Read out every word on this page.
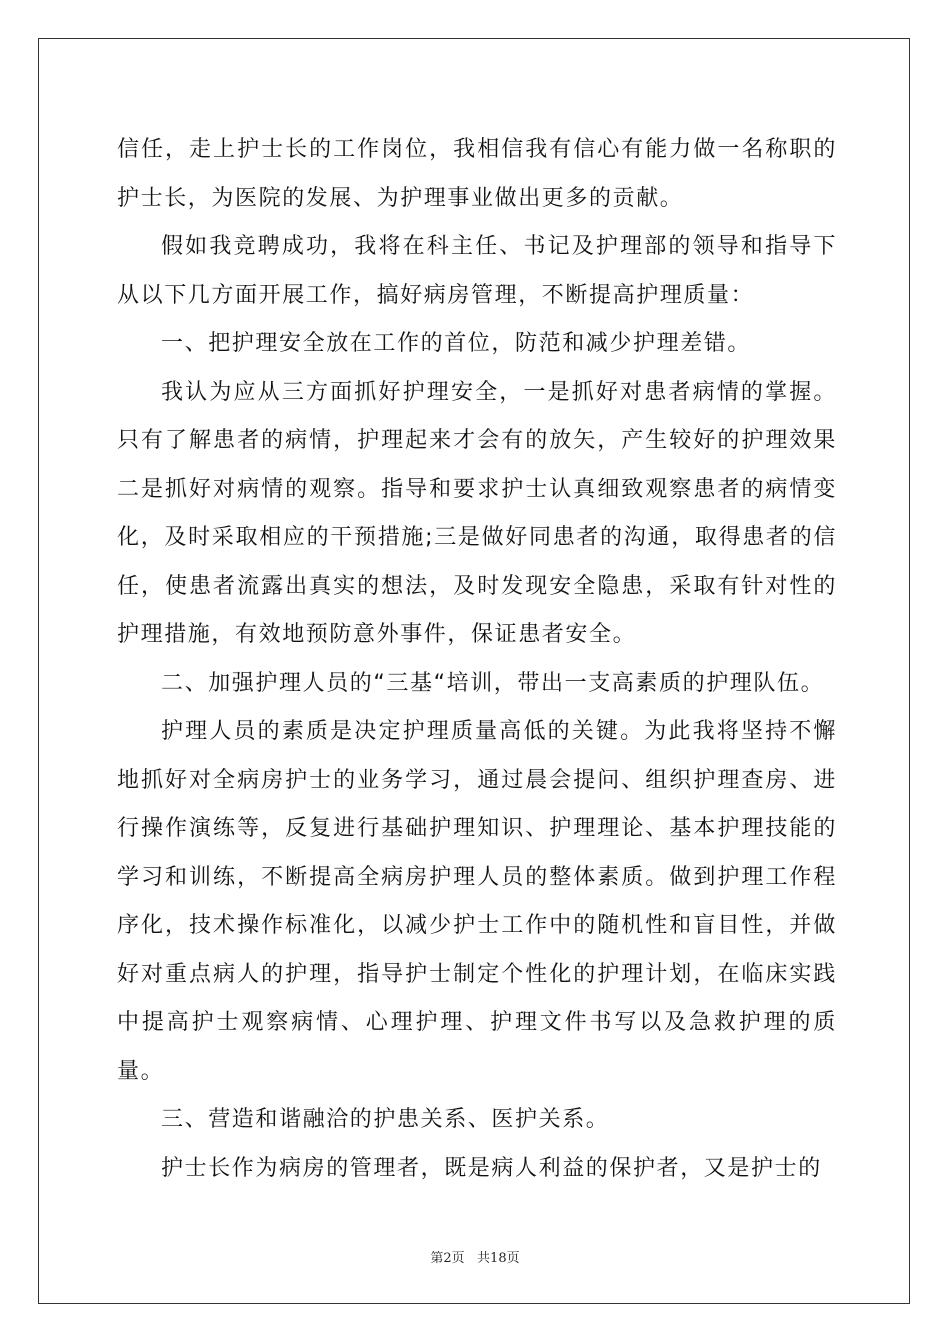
信任，走上护士长的工作岗位，我相信我有信心有能力做一名称职的护士长，为医院的发展、为护理事业做出更多的贡献。

假如我竞聘成功，我将在科主任、书记及护理部的领导和指导下从以下几方面开展工作，搞好病房管理，不断提高护理质量：

一、把护理安全放在工作的首位，防范和减少护理差错。

我认为应从三方面抓好护理安全，一是抓好对患者病情的掌握。只有了解患者的病情，护理起来才会有的放矢，产生较好的护理效果二是抓好对病情的观察。指导和要求护士认真细致观察患者的病情变化，及时采取相应的干预措施;三是做好同患者的沟通，取得患者的信任，使患者流露出真实的想法，及时发现安全隐患，采取有针对性的护理措施，有效地预防意外事件，保证患者安全。

二、加强护理人员的“三基“培训，带出一支高素质的护理队伍。

护理人员的素质是决定护理质量高低的关键。为此我将坚持不懈地抓好对全病房护士的业务学习，通过晨会提问、组织护理查房、进行操作演练等，反复进行基础护理知识、护理理论、基本护理技能的学习和训练，不断提高全病房护理人员的整体素质。做到护理工作程序化，技术操作标准化，以减少护士工作中的随机性和盲目性，并做好对重点病人的护理，指导护士制定个性化的护理计划，在临床实践中提高护士观察病情、心理护理、护理文件书写以及急救护理的质量。

三、营造和谐融洽的护患关系、医护关系。

护士长作为病房的管理者，既是病人利益的保护者，又是护士的

第2页   共18页
